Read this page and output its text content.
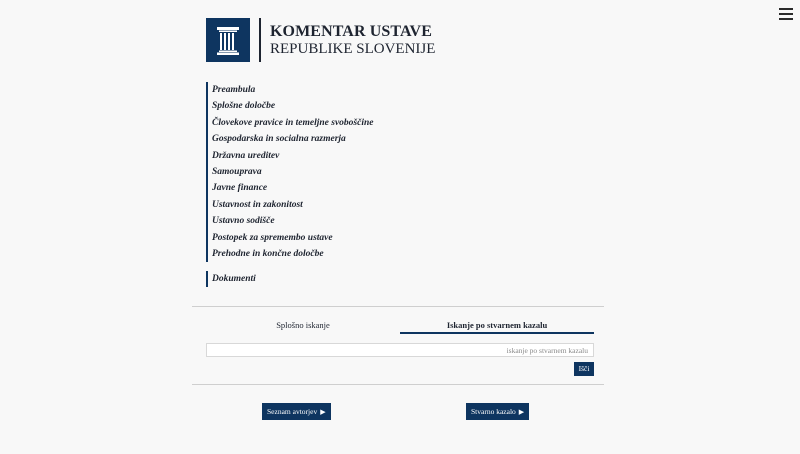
KOMENTAR USTAVE
REPUBLIKE SLOVENIJE
Preambula
Splošne določbe
Človekove pravice in temeljne svoboščine
Gospodarska in socialna razmerja
Državna ureditev
Samouprava
Javne finance
Ustavnost in zakonitost
Ustavno sodišče
Postopek za spremembo ustave
Prehodne in končne določbe
Dokumenti
Splošno iskanje	Iskanje po stvarnem kazalu
iskanje po stvarnem kazalu
Išči
Seznam avtorjev ▶	Stvarno kazalo ▶
